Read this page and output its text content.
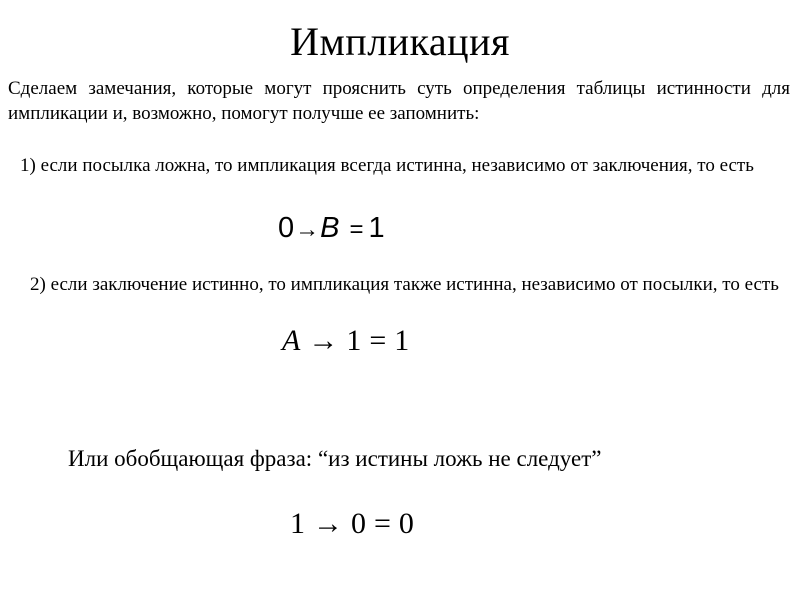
Импликация
Сделаем замечания, которые могут прояснить суть определения таблицы истинности для импликации и, возможно, помогут получше ее запомнить:
1) если посылка ложна, то импликация всегда истинна, независимо от заключения, то есть
0→B = 1
2) если заключение истинно, то импликация также истинна, независимо от посылки, то есть
A → 1 = 1
Или обобщающая фраза: “из истины ложь не следует”
1 → 0 = 0
